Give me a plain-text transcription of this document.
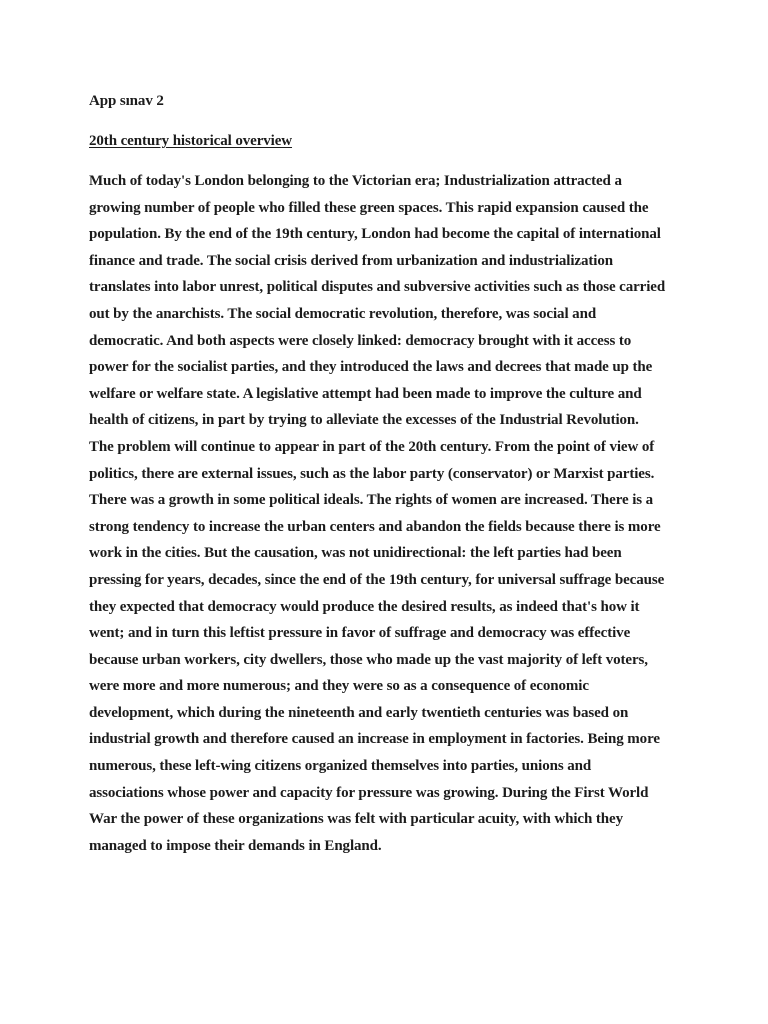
App sınav 2

20th century historical overview

Much of today's London belonging to the Victorian era; Industrialization attracted a
growing number of people who filled these green spaces. This rapid expansion caused the
population. By the end of the 19th century, London had become the capital of international
finance and trade. The social crisis derived from urbanization and industrialization
translates into labor unrest, political disputes and subversive activities such as those carried
out by the anarchists. The social democratic revolution, therefore, was social and
democratic. And both aspects were closely linked: democracy brought with it access to
power for the socialist parties, and they introduced the laws and decrees that made up the
welfare or welfare state. A legislative attempt had been made to improve the culture and
health of citizens, in part by trying to alleviate the excesses of the Industrial Revolution.
The problem will continue to appear in part of the 20th century. From the point of view of
politics, there are external issues, such as the labor party (conservator) or Marxist parties.
There was a growth in some political ideals. The rights of women are increased. There is a
strong tendency to increase the urban centers and abandon the fields because there is more
work in the cities. But the causation, was not unidirectional: the left parties had been
pressing for years, decades, since the end of the 19th century, for universal suffrage because
they expected that democracy would produce the desired results, as indeed that's how it
went; and in turn this leftist pressure in favor of suffrage and democracy was effective
because urban workers, city dwellers, those who made up the vast majority of left voters,
were more and more numerous; and they were so as a consequence of economic
development, which during the nineteenth and early twentieth centuries was based on
industrial growth and therefore caused an increase in employment in factories. Being more
numerous, these left-wing citizens organized themselves into parties, unions and
associations whose power and capacity for pressure was growing. During the First World
War the power of these organizations was felt with particular acuity, with which they
managed to impose their demands in England.
